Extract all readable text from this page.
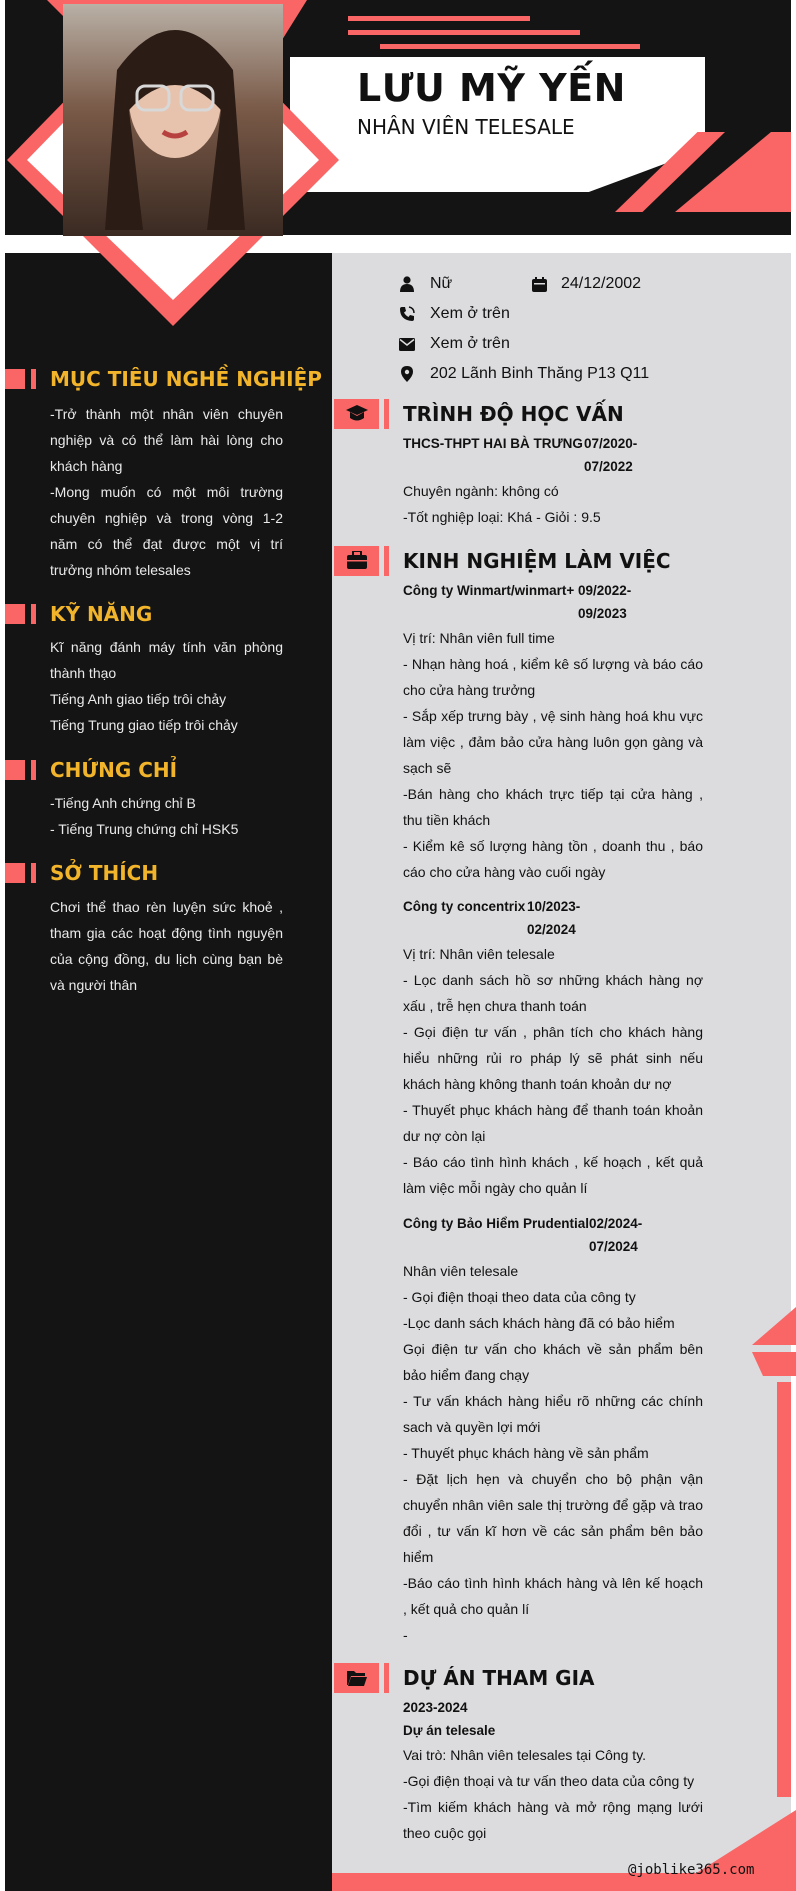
LƯU MỸ YẾN
NHÂN VIÊN TELESALE
MỤC TIÊU NGHỀ NGHIỆP
-Trở thành một nhân viên chuyên nghiệp và có thể làm hài lòng cho khách hàng
-Mong muốn có một môi trường chuyên nghiệp và trong vòng 1-2 năm có thể đạt được một vị trí trưởng nhóm telesales
KỸ NĂNG
Kĩ năng đánh máy tính văn phòng thành thạo
Tiếng Anh giao tiếp trôi chảy
Tiếng Trung giao tiếp trôi chảy
CHỨNG CHỈ
-Tiếng Anh chứng chỉ B
- Tiếng Trung chứng chỉ HSK5
SỞ THÍCH
Chơi thể thao rèn luyện sức khoẻ , tham gia các hoạt động tình nguyện của cộng đồng, du lịch cùng bạn bè và người thân
Nữ	24/12/2002
Xem ở trên
Xem ở trên
202 Lãnh Binh Thăng P13 Q11
TRÌNH ĐỘ HỌC VẤN
THCS-THPT HAI BÀ TRƯNG 07/2020-
07/2022
Chuyên ngành: không có
-Tốt nghiệp loại: Khá - Giỏi : 9.5
KINH NGHIỆM LÀM VIỆC
Công ty Winmart/winmart+ 09/2022-
09/2023
Vị trí: Nhân viên full time
- Nhạn hàng hoá , kiểm kê số lượng và báo cáo cho cửa hàng trưởng
- Sắp xếp trưng bày , vệ sinh hàng hoá khu vực làm việc , đảm bảo cửa hàng luôn gọn gàng và sạch sẽ
-Bán hàng cho khách trực tiếp tại cửa hàng , thu tiền khách
- Kiểm kê số lượng hàng tồn , doanh thu , báo cáo cho cửa hàng vào cuối ngày
Công ty concentrix 10/2023-
02/2024
Vị trí: Nhân viên telesale
- Lọc danh sách hồ sơ những khách hàng nợ xấu , trễ hẹn chưa thanh toán
- Gọi điện tư vấn , phân tích cho khách hàng hiểu những rủi ro pháp lý sẽ phát sinh nếu khách hàng không thanh toán khoản dư nợ
- Thuyết phục khách hàng để thanh toán khoản dư nợ còn lại
- Báo cáo tình hình khách , kế hoạch , kết quả làm việc mỗi ngày cho quản lí
Công ty Bảo Hiểm Prudential 02/2024-
07/2024
Nhân viên telesale
- Gọi điện thoại theo data của công ty
-Lọc danh sách khách hàng đã có bảo hiểm
Gọi điện tư vấn cho khách về sản phẩm bên bảo hiểm đang chạy
- Tư vấn khách hàng hiểu rõ những các chính sach và quyền lợi mới
- Thuyết phục khách hàng về sản phẩm
- Đặt lịch hẹn và chuyển cho bộ phận vận chuyển nhân viên sale thị trường để gặp và trao đổi , tư vấn kĩ hơn về các sản phẩm bên bảo hiểm
-Báo cáo tình hình khách hàng và lên kế hoạch , kết quả cho quản lí
-
DỰ ÁN THAM GIA
2023-2024
Dự án telesale
Vai trò: Nhân viên telesales tại Công ty.
-Gọi điện thoại và tư vấn theo data của công ty
-Tìm kiếm khách hàng và mở rộng mạng lưới theo cuộc gọi
@joblike365.com
